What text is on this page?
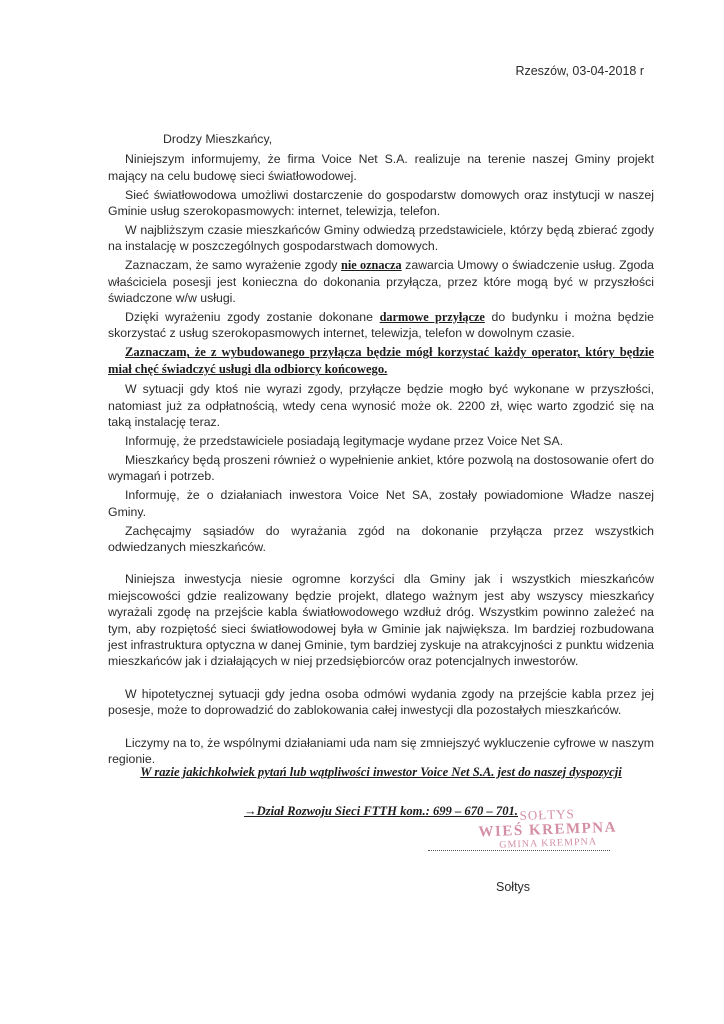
Rzeszów, 03-04-2018 r

Drodzy Mieszkańcy,

Niniejszym informujemy, że firma Voice Net S.A. realizuje na terenie naszej Gminy projekt mający na celu budowę sieci światłowodowej.

Sieć światłowodowa umożliwi dostarczenie do gospodarstw domowych oraz instytucji w naszej Gminie usług szerokopasmowych: internet, telewizja, telefon.

W najbliższym czasie mieszkańców Gminy odwiedzą przedstawiciele, którzy będą zbierać zgody na instalację w poszczególnych gospodarstwach domowych.

Zaznaczam, że samo wyrażenie zgody nie oznacza zawarcia Umowy o świadczenie usług. Zgoda właściciela posesji jest konieczna do dokonania przyłącza, przez które mogą być w przyszłości świadczone w/w usługi.

Dzięki wyrażeniu zgody zostanie dokonane darmowe przyłącze do budynku i można będzie skorzystać z usług szerokopasmowych internet, telewizja, telefon w dowolnym czasie.

Zaznaczam, że z wybudowanego przyłącza będzie mógł korzystać każdy operator, który będzie miał chęć świadczyć usługi dla odbiorcy końcowego.

W sytuacji gdy ktoś nie wyrazi zgody, przyłącze będzie mogło być wykonane w przyszłości, natomiast już za odpłatnością, wtedy cena wynosić może ok. 2200 zł, więc warto zgodzić się na taką instalację teraz.

Informuję, że przedstawiciele posiadają legitymacje wydane przez Voice Net SA.

Mieszkańcy będą proszeni również o wypełnienie ankiet, które pozwolą na dostosowanie ofert do wymagań i potrzeb.

Informuję, że o działaniach inwestora Voice Net SA, zostały powiadomione Władze naszej Gminy.

Zachęcajmy sąsiadów do wyrażania zgód na dokonanie przyłącza przez wszystkich odwiedzanych mieszkańców.

Niniejsza inwestycja niesie ogromne korzyści dla Gminy jak i wszystkich mieszkańców miejscowości gdzie realizowany będzie projekt, dlatego ważnym jest aby wszyscy mieszkańcy wyrażali zgodę na przejście kabla światłowodowego wzdłuż dróg. Wszystkim powinno zależeć na tym, aby rozpiętość sieci światłowodowej była w Gminie jak największa. Im bardziej rozbudowana jest infrastruktura optyczna w danej Gminie, tym bardziej zyskuje na atrakcyjności z punktu widzenia mieszkańców jak i działających w niej przedsiębiorców oraz potencjalnych inwestorów.

W hipotetycznej sytuacji gdy jedna osoba odmówi wydania zgody na przejście kabla przez jej posesje, może to doprowadzić do zablokowania całej inwestycji dla pozostałych mieszkańców.

Liczymy na to, że wspólnymi działaniami uda nam się zmniejszyć wykluczenie cyfrowe w naszym regionie.

W razie jakichkolwiek pytań lub wątpliwości inwestor Voice Net S.A. jest do naszej dyspozycji
→Dział Rozwoju Sieci FTTH kom.: 699 – 670 – 701. SOŁTYS
WIEŚ KREMPNA
GMINA KREMPNA
Sołtys
